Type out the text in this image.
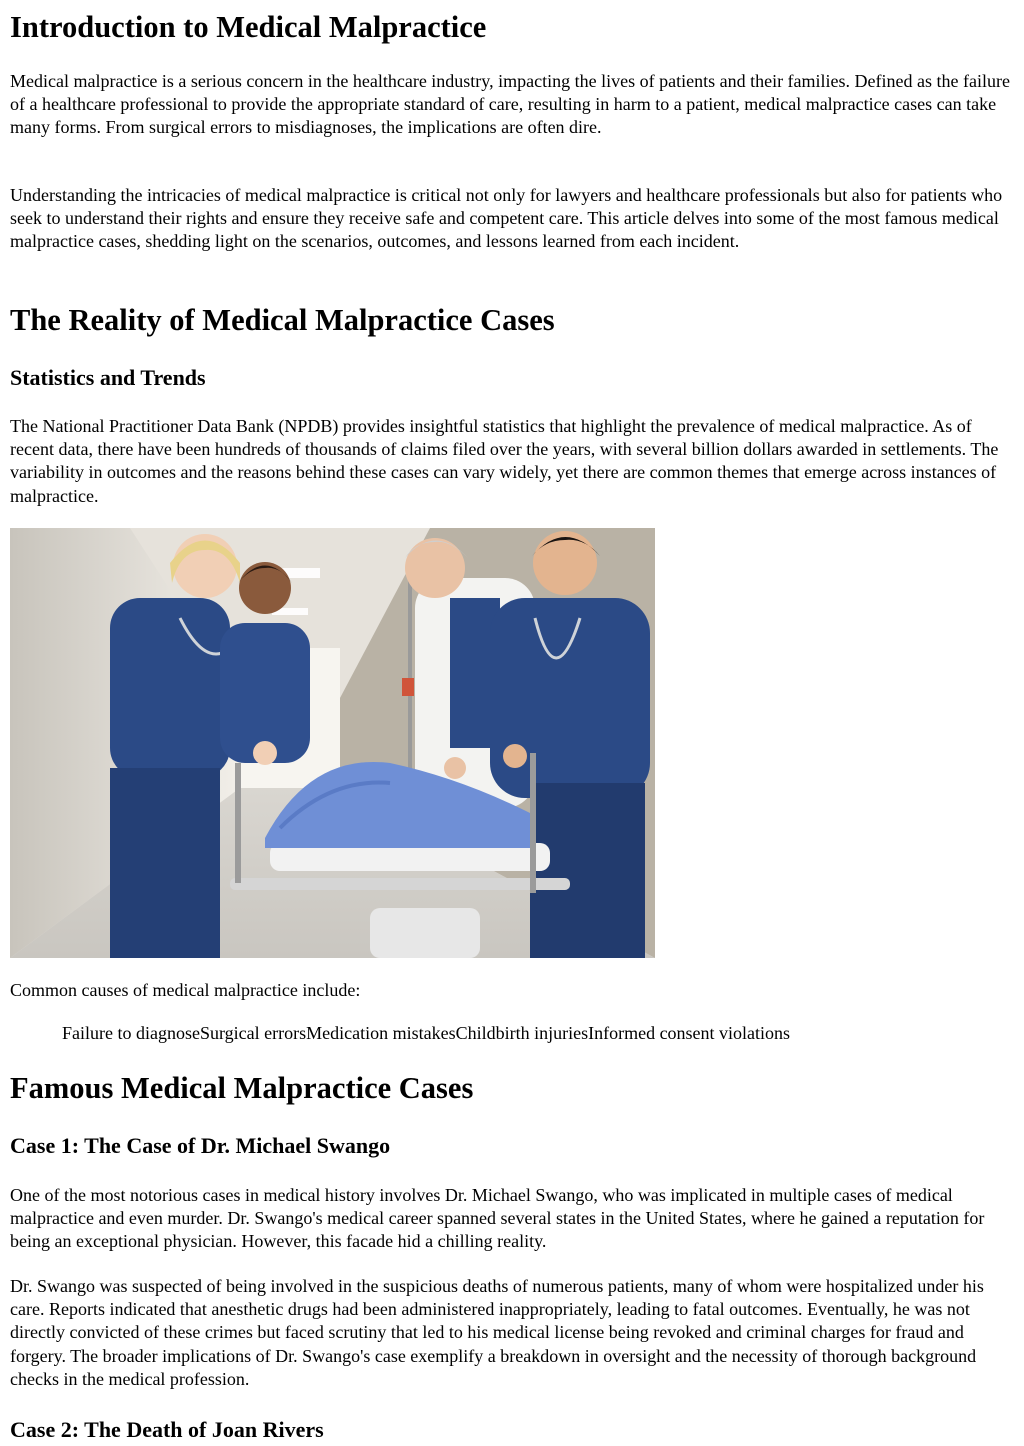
Introduction to Medical Malpractice

Medical malpractice is a serious concern in the healthcare industry, impacting the lives of patients and their families. Defined as the failure of a healthcare professional to provide the appropriate standard of care, resulting in harm to a patient, medical malpractice cases can take many forms. From surgical errors to misdiagnoses, the implications are often dire.

Understanding the intricacies of medical malpractice is critical not only for lawyers and healthcare professionals but also for patients who seek to understand their rights and ensure they receive safe and competent care. This article delves into some of the most famous medical malpractice cases, shedding light on the scenarios, outcomes, and lessons learned from each incident.

The Reality of Medical Malpractice Cases
Statistics and Trends

The National Practitioner Data Bank (NPDB) provides insightful statistics that highlight the prevalence of medical malpractice. As of recent data, there have been hundreds of thousands of claims filed over the years, with several billion dollars awarded in settlements. The variability in outcomes and the reasons behind these cases can vary widely, yet there are common themes that emerge across instances of malpractice.

Common causes of medical malpractice include:

Failure to diagnoseSurgical errorsMedication mistakesChildbirth injuriesInformed consent violations
Famous Medical Malpractice Cases
Case 1: The Case of Dr. Michael Swango

One of the most notorious cases in medical history involves Dr. Michael Swango, who was implicated in multiple cases of medical malpractice and even murder. Dr. Swango's medical career spanned several states in the United States, where he gained a reputation for being an exceptional physician. However, this facade hid a chilling reality.

Dr. Swango was suspected of being involved in the suspicious deaths of numerous patients, many of whom were hospitalized under his care. Reports indicated that anesthetic drugs had been administered inappropriately, leading to fatal outcomes. Eventually, he was not directly convicted of these crimes but faced scrutiny that led to his medical license being revoked and criminal charges for fraud and forgery. The broader implications of Dr. Swango's case exemplify a breakdown in oversight and the necessity of thorough background checks in the medical profession.

Case 2: The Death of Joan Rivers
